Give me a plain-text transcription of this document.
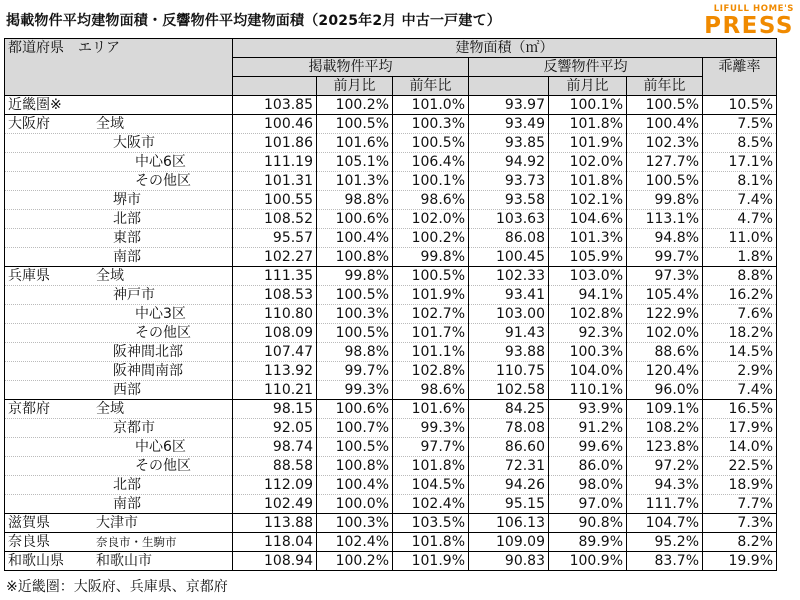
掲載物件平均建物面積・反響物件平均建物面積（2025年2月 中古一戸建て）
LIFULL HOME'S
PRESS
都道府県　エリア	建物面積（㎡）						
	掲載物件平均			反響物件平均			乖離率
		前月比	前年比		前月比	前年比	
近畿圏※	103.85	100.2%	101.0%	93.97	100.1%	100.5%	10.5%
大阪府 全域	100.46	100.5%	100.3%	93.49	101.8%	100.4%	7.5%
大阪市	101.86	101.6%	100.5%	93.85	101.9%	102.3%	8.5%
中心6区	111.19	105.1%	106.4%	94.92	102.0%	127.7%	17.1%
その他区	101.31	101.3%	100.1%	93.73	101.8%	100.5%	8.1%
堺市	100.55	98.8%	98.6%	93.58	102.1%	99.8%	7.4%
北部	108.52	100.6%	102.0%	103.63	104.6%	113.1%	4.7%
東部	95.57	100.4%	100.2%	86.08	101.3%	94.8%	11.0%
南部	102.27	100.8%	99.8%	100.45	105.9%	99.7%	1.8%
兵庫県 全域	111.35	99.8%	100.5%	102.33	103.0%	97.3%	8.8%
神戸市	108.53	100.5%	101.9%	93.41	94.1%	105.4%	16.2%
中心3区	110.80	100.3%	102.7%	103.00	102.8%	122.9%	7.6%
その他区	108.09	100.5%	101.7%	91.43	92.3%	102.0%	18.2%
阪神間北部	107.47	98.8%	101.1%	93.88	100.3%	88.6%	14.5%
阪神間南部	113.92	99.7%	102.8%	110.75	104.0%	120.4%	2.9%
西部	110.21	99.3%	98.6%	102.58	110.1%	96.0%	7.4%
京都府 全域	98.15	100.6%	101.6%	84.25	93.9%	109.1%	16.5%
京都市	92.05	100.7%	99.3%	78.08	91.2%	108.2%	17.9%
中心6区	98.74	100.5%	97.7%	86.60	99.6%	123.8%	14.0%
その他区	88.58	100.8%	101.8%	72.31	86.0%	97.2%	22.5%
北部	112.09	100.4%	104.5%	94.26	98.0%	94.3%	18.9%
南部	102.49	100.0%	102.4%	95.15	97.0%	111.7%	7.7%
滋賀県 大津市	113.88	100.3%	103.5%	106.13	90.8%	104.7%	7.3%
奈良県 奈良市・生駒市	118.04	102.4%	101.8%	109.09	89.9%	95.2%	8.2%
和歌山県 和歌山市	108.94	100.2%	101.9%	90.83	100.9%	83.7%	19.9%
※近畿圏：大阪府、兵庫県、京都府
